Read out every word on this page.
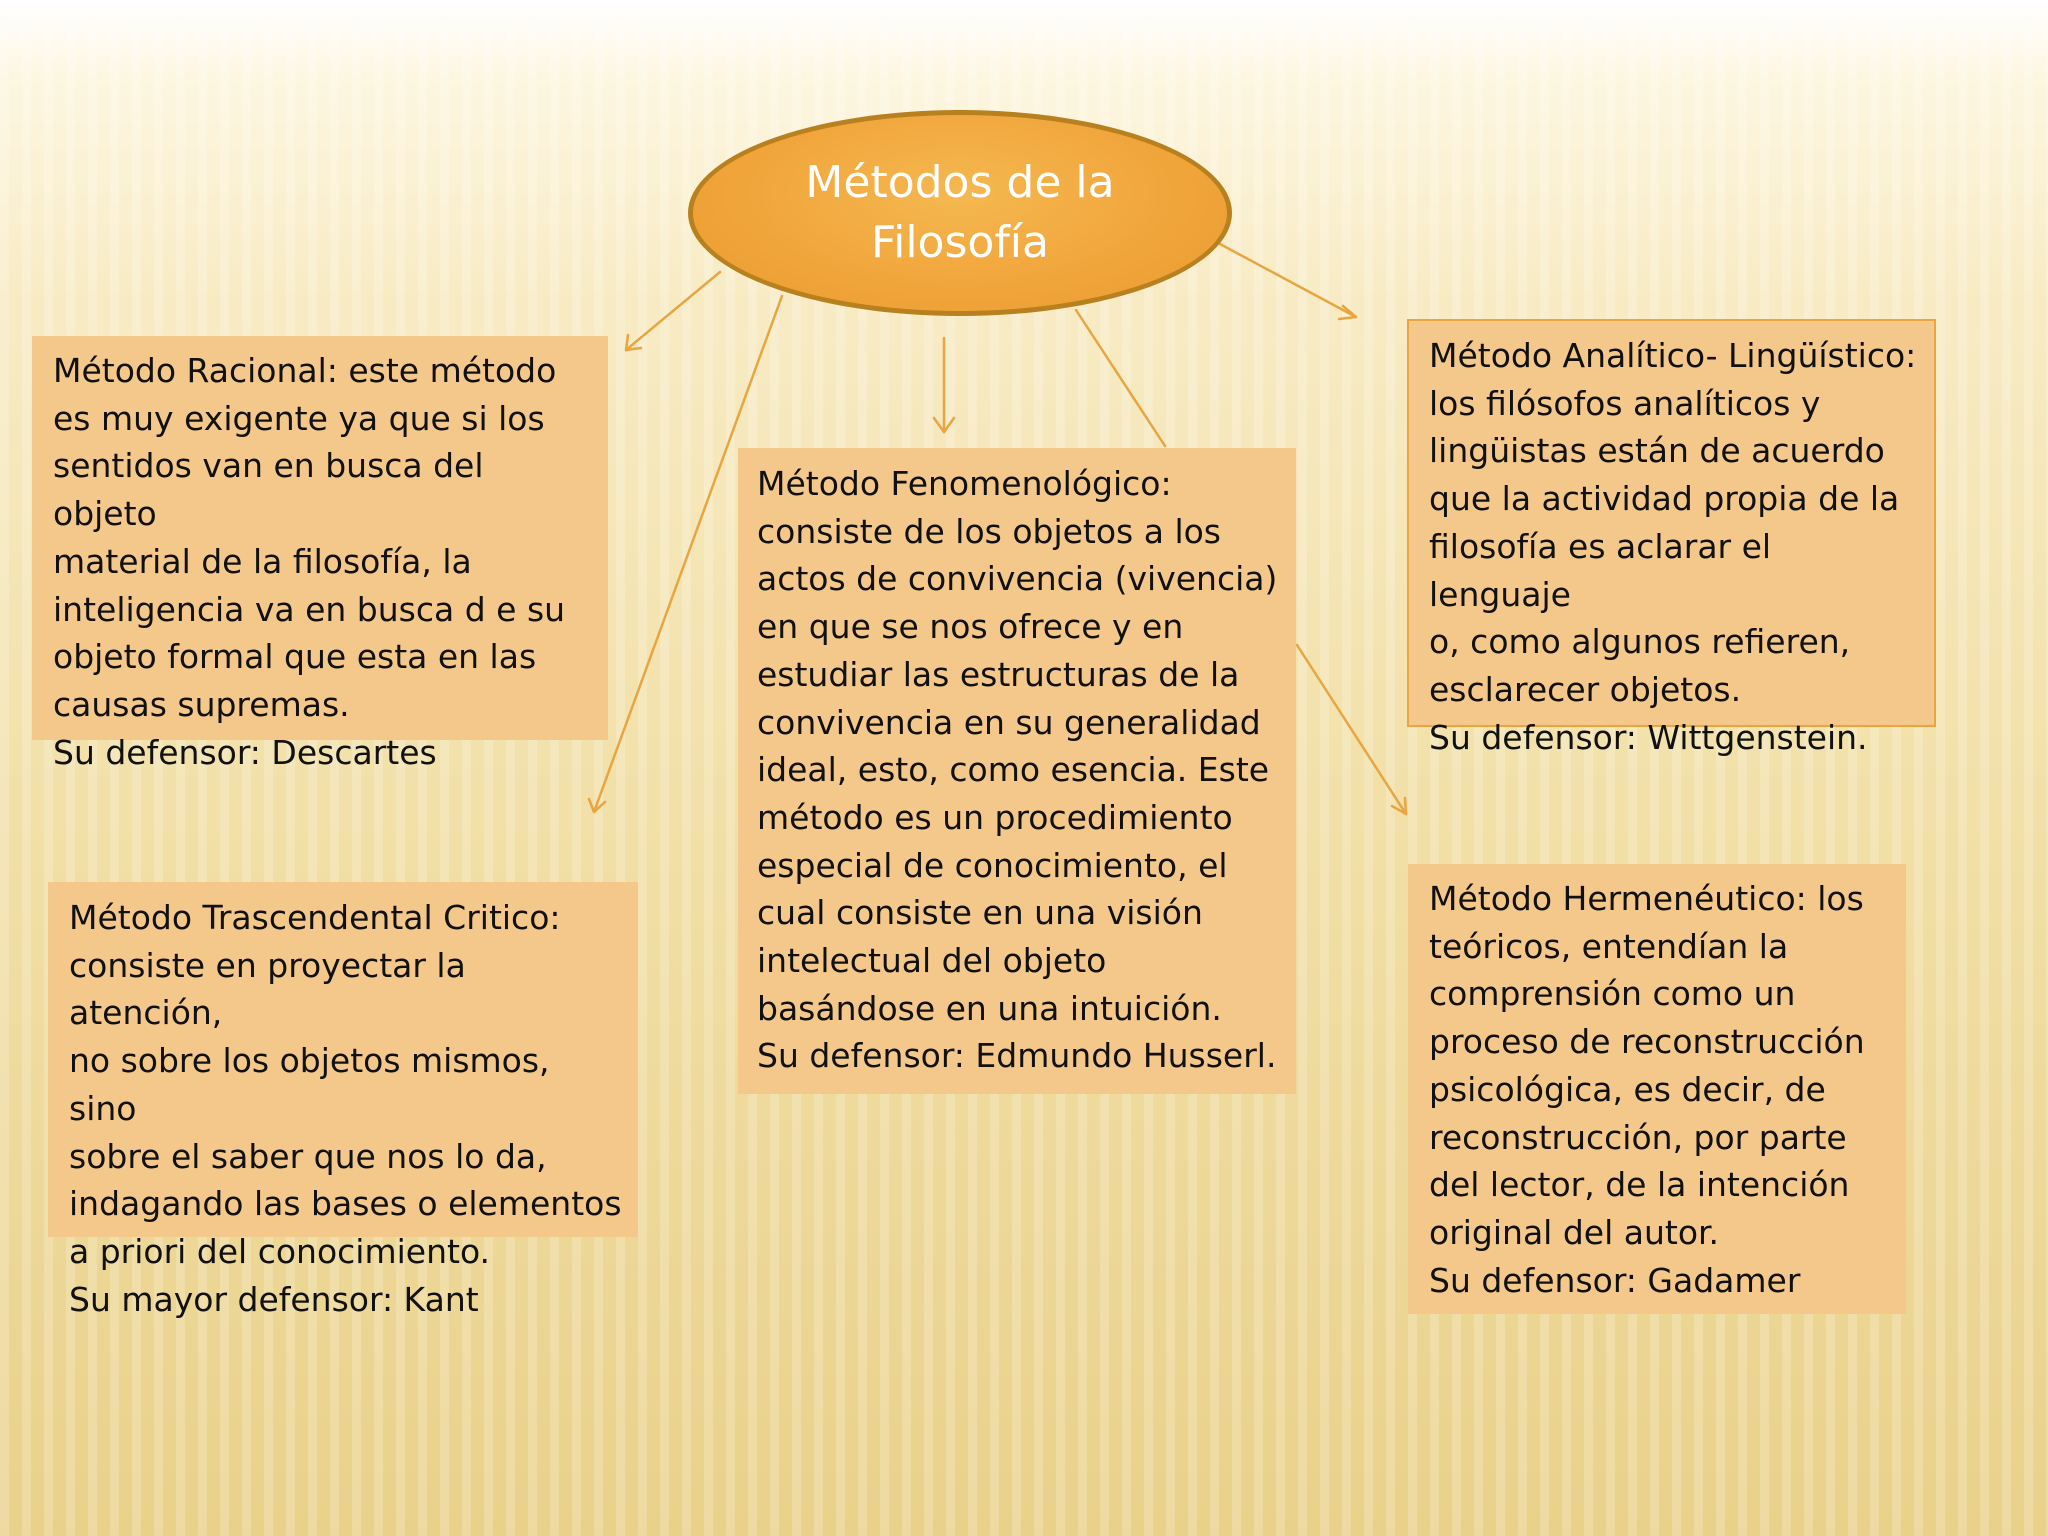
Métodos de la
Filosofía
Método Racional: este método
es muy exigente ya que si los
sentidos van en busca del objeto
material de la filosofía, la
inteligencia va en busca d e su
objeto formal que esta en las
causas supremas.
Su defensor: Descartes
Método Fenomenológico:
consiste de los objetos a los
actos de convivencia (vivencia)
en que se nos ofrece y en
estudiar las estructuras de la
convivencia en su generalidad
ideal, esto, como esencia. Este
método es un procedimiento
especial de conocimiento, el
cual consiste en una visión
intelectual del objeto
basándose en una intuición.
Su defensor: Edmundo Husserl.
Método Analítico- Lingüístico:
los filósofos analíticos y
lingüistas están de acuerdo
que la actividad propia de la
filosofía es aclarar el lenguaje
o, como algunos refieren,
esclarecer objetos.
Su defensor: Wittgenstein.
Método Trascendental Critico:
consiste en proyectar la atención,
no sobre los objetos mismos, sino
sobre el saber que nos lo da,
indagando las bases o elementos
a priori del conocimiento.
Su mayor defensor: Kant
Método Hermenéutico: los
teóricos, entendían la
comprensión como un
proceso de reconstrucción
psicológica, es decir, de
reconstrucción, por parte
del lector, de la intención
original del autor.
Su defensor: Gadamer
